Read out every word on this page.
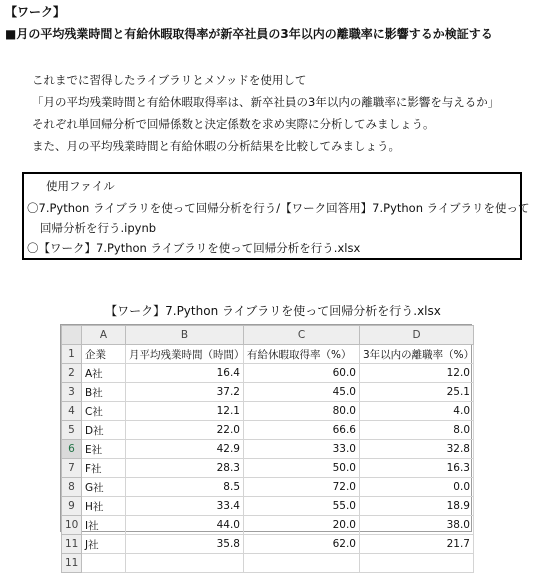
【ワーク】
■月の平均残業時間と有給休暇取得率が新卒社員の3年以内の離職率に影響するか検証する
これまでに習得したライブラリとメソッドを使用して
「月の平均残業時間と有給休暇取得率は、新卒社員の3年以内の離職率に影響を与えるか」
それぞれ単回帰分析で回帰係数と決定係数を求め実際に分析してみましょう。
また、月の平均残業時間と有給休暇の分析結果を比較してみましょう。
使用ファイル
〇7.Python ライブラリを使って回帰分析を行う/【ワーク回答用】7.Python ライブラリを使って
回帰分析を行う.ipynb
〇【ワーク】7.Python ライブラリを使って回帰分析を行う.xlsx
【ワーク】7.Python ライブラリを使って回帰分析を行う.xlsx
	A	B	C	D
1	企業	月平均残業時間（時間）	有給休暇取得率（%）	3年以内の離職率（%）
2	A社	16.4	60.0	12.0
3	B社	37.2	45.0	25.1
4	C社	12.1	80.0	4.0
5	D社	22.0	66.6	8.0
6	E社	42.9	33.0	32.8
7	F社	28.3	50.0	16.3
8	G社	8.5	72.0	0.0
9	H社	33.4	55.0	18.9
10	I社	44.0	20.0	38.0
11	J社	35.8	62.0	21.7
11				
